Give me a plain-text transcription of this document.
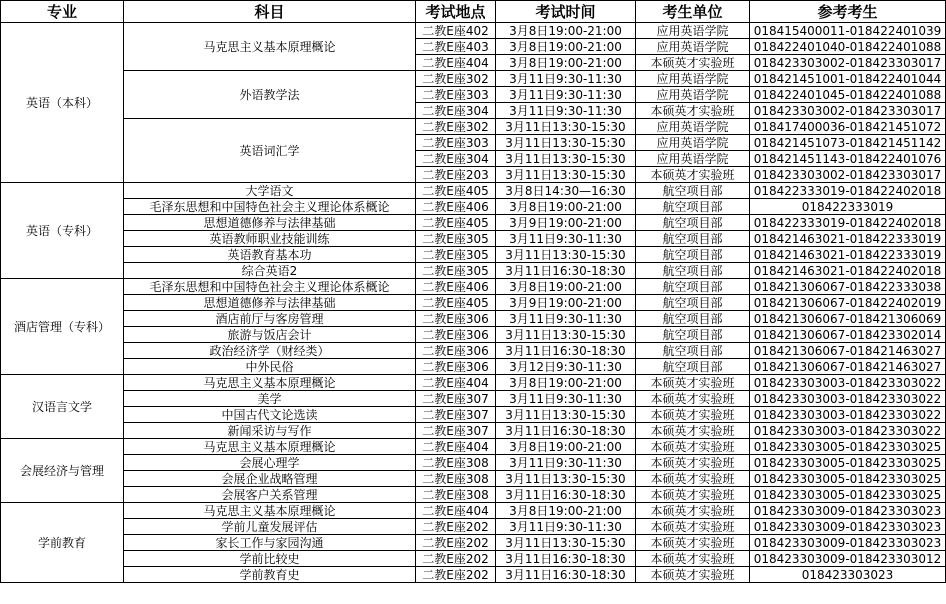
专业	科目	考试地点	考试时间	考生单位	参考考生
英语（本科）	马克思主义基本原理概论	二教E座402	3月8日19:00-21:00	应用英语学院	018415400011-018422401039
		二教E座403	3月8日19:00-21:00	应用英语学院	018422401040-018422401088
		二教E座404	3月8日19:00-21:00	本硕英才实验班	018423303002-018423303017
	外语教学法	二教E座302	3月11日9:30-11:30	应用英语学院	018421451001-018422401044
		二教E座303	3月11日9:30-11:30	应用英语学院	018422401045-018422401088
		二教E座304	3月11日9:30-11:30	本硕英才实验班	018423303002-018423303017
	英语词汇学	二教E座302	3月11日13:30-15:30	应用英语学院	018417400036-018421451072
		二教E座303	3月11日13:30-15:30	应用英语学院	018421451073-018421451142
		二教E座304	3月11日13:30-15:30	应用英语学院	018421451143-018422401076
		二教E座203	3月11日13:30-15:30	本硕英才实验班	018423303002-018423303017
英语（专科）	大学语文	二教E座405	3月8日14:30—16:30	航空项目部	018422333019-018422402018
	毛泽东思想和中国特色社会主义理论体系概论	二教E座406	3月8日19:00-21:00	航空项目部	018422333019
	思想道德修养与法律基础	二教E座405	3月9日19:00-21:00	航空项目部	018422333019-018422402018
	英语教师职业技能训练	二教E座305	3月11日9:30-11:30	航空项目部	018421463021-018422333019
	英语教育基本功	二教E座305	3月11日13:30-15:30	航空项目部	018421463021-018422333019
	综合英语2	二教E座305	3月11日16:30-18:30	航空项目部	018421463021-018422402018
酒店管理（专科）	毛泽东思想和中国特色社会主义理论体系概论	二教E座406	3月8日19:00-21:00	航空项目部	018421306067-018422333038
	思想道德修养与法律基础	二教E座405	3月9日19:00-21:00	航空项目部	018421306067-018422402019
	酒店前厅与客房管理	二教E座306	3月11日9:30-11:30	航空项目部	018421306067-018421306069
	旅游与饭店会计	二教E座306	3月11日13:30-15:30	航空项目部	018421306067-018423302014
	政治经济学（财经类）	二教E座306	3月11日16:30-18:30	航空项目部	018421306067-018421463027
	中外民俗	二教E座306	3月12日9:30-11:30	航空项目部	018421306067-018421463027
汉语言文学	马克思主义基本原理概论	二教E座404	3月8日19:00-21:00	本硕英才实验班	018423303003-018423303022
	美学	二教E座307	3月11日9:30-11:30	本硕英才实验班	018423303003-018423303022
	中国古代文论选读	二教E座307	3月11日13:30-15:30	本硕英才实验班	018423303003-018423303022
	新闻采访与写作	二教E座307	3月11日16:30-18:30	本硕英才实验班	018423303003-018423303022
会展经济与管理	马克思主义基本原理概论	二教E座404	3月8日19:00-21:00	本硕英才实验班	018423303005-018423303025
	会展心理学	二教E座308	3月11日9:30-11:30	本硕英才实验班	018423303005-018423303025
	会展企业战略管理	二教E座308	3月11日13:30-15:30	本硕英才实验班	018423303005-018423303025
	会展客户关系管理	二教E座308	3月11日16:30-18:30	本硕英才实验班	018423303005-018423303025
学前教育	马克思主义基本原理概论	二教E座404	3月8日19:00-21:00	本硕英才实验班	018423303009-018423303023
	学前儿童发展评估	二教E座202	3月11日9:30-11:30	本硕英才实验班	018423303009-018423303023
	家长工作与家园沟通	二教E座202	3月11日13:30-15:30	本硕英才实验班	018423303009-018423303023
	学前比较史	二教E座202	3月11日16:30-18:30	本硕英才实验班	018423303009-018423303012
	学前教育史	二教E座202	3月11日16:30-18:30	本硕英才实验班	018423303023
